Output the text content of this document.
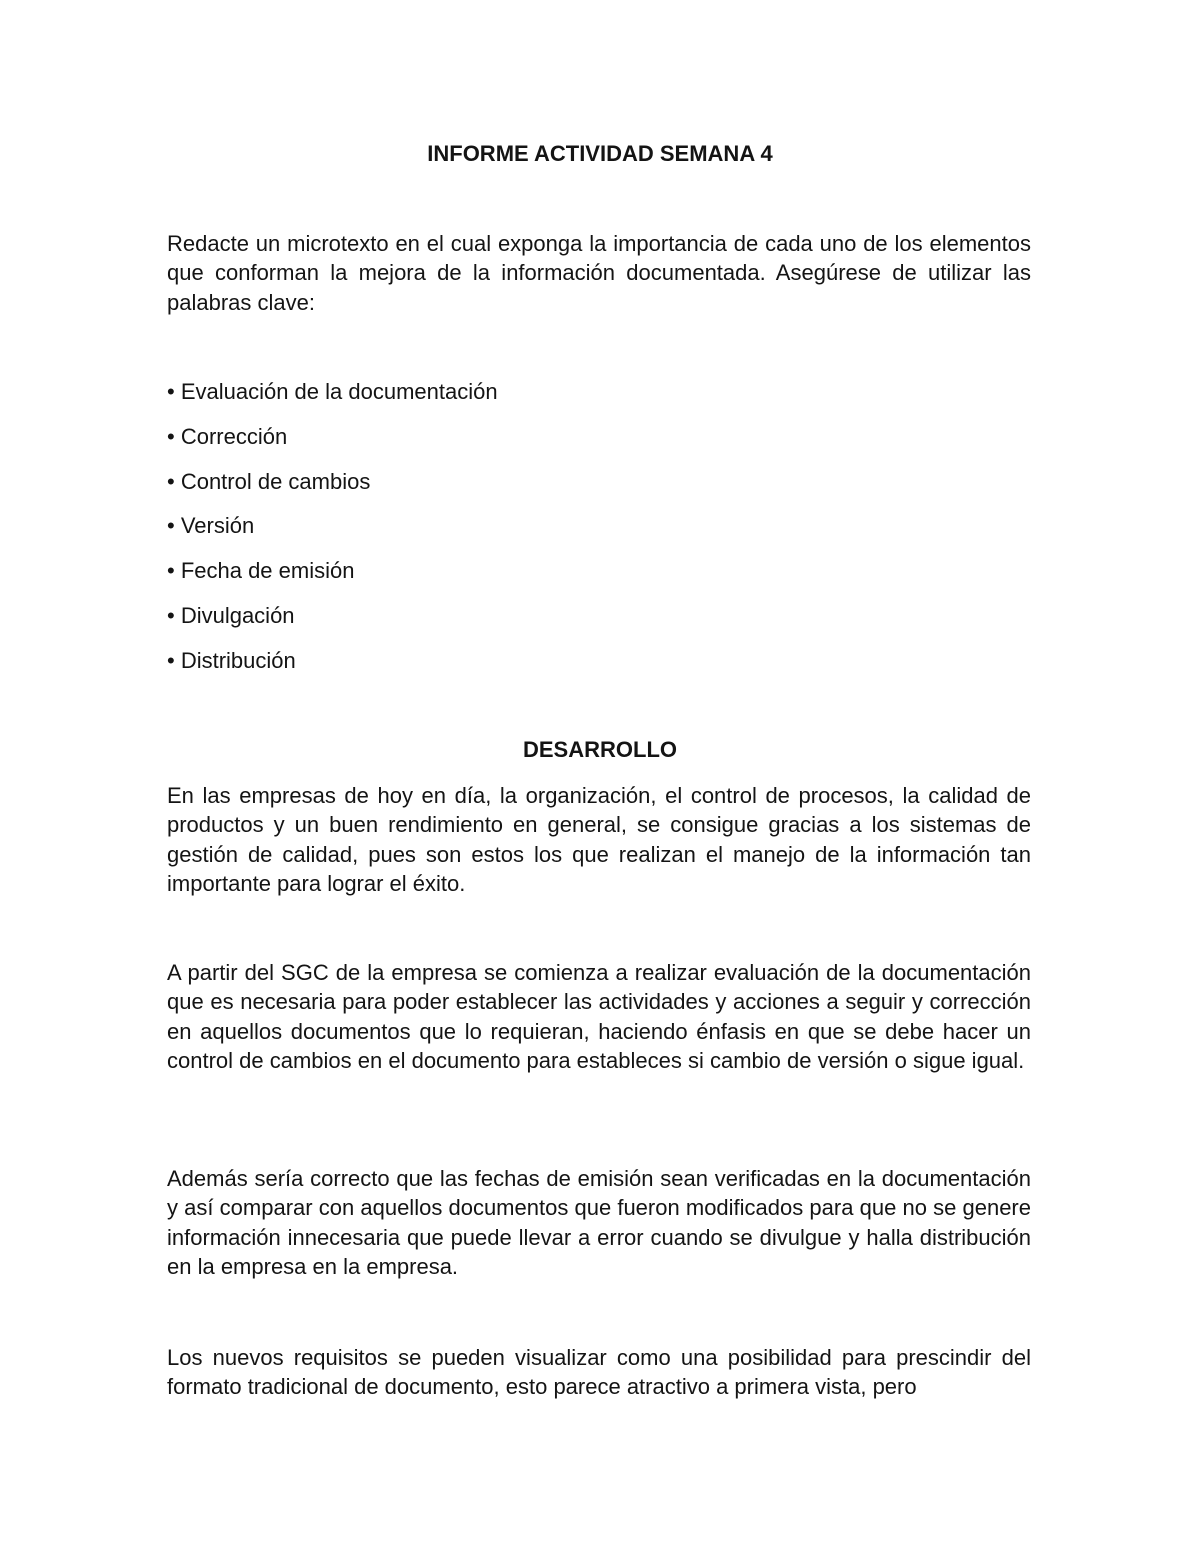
INFORME ACTIVIDAD SEMANA 4

Redacte un microtexto en el cual exponga la importancia de cada uno de los elementos que conforman la mejora de la información documentada. Asegúrese de utilizar las palabras clave:

• Evaluación de la documentación
• Corrección
• Control de cambios
• Versión
• Fecha de emisión
• Divulgación
• Distribución
DESARROLLO

En las empresas de hoy en día, la organización, el control de procesos, la calidad de productos y un buen rendimiento en general, se consigue gracias a los sistemas de gestión de calidad, pues son estos los que realizan el manejo de la información tan importante para lograr el éxito.

A partir del SGC de la empresa se comienza a realizar evaluación de la documentación que es necesaria para poder establecer las actividades y acciones a seguir y corrección en aquellos documentos que lo requieran, haciendo énfasis en que se debe hacer un control de cambios en el documento para estableces si cambio de versión o sigue igual.

Además sería correcto que las fechas de emisión sean verificadas en la documentación y así comparar con aquellos documentos que fueron modificados para que no se genere información innecesaria que puede llevar a error cuando se divulgue y halla distribución en la empresa en la empresa.

Los nuevos requisitos se pueden visualizar como una posibilidad para prescindir del formato tradicional de documento, esto parece atractivo a primera vista, pero
